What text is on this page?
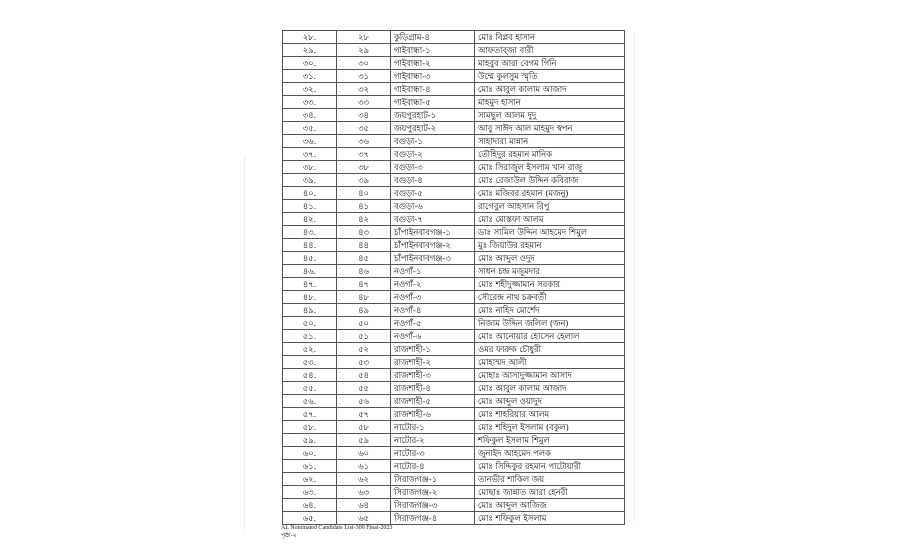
২৮.	২৮	কুড়িগ্রাম-৪	মোঃ বিপ্লব হাসান
২৯.	২৯	গাইবান্ধা-১	আফতাব্‌জা বারী
৩০.	৩০	গাইবান্ধা-২	মাহবুব আরা বেগম গিনি
৩১.	৩১	গাইবান্ধা-৩	উম্মে কুলসুম স্মৃতি
৩২.	৩২	গাইবান্ধা-৪	মোঃ আবুল কালাম আজাদ
৩৩.	৩৩	গাইবান্ধা-৫	মাহমুদ হাসান
৩৪.	৩৪	জয়পুরহাট-১	সামছুল আলম দুদু
৩৫.	৩৫	জয়পুরহাট-২	আবু সাঈদ আল মাহমুদ স্বপন
৩৬.	৩৬	বগুড়া-১	সাহাদারা মান্নান
৩৭.	৩৭	বগুড়া-২	তৌহিদুর রহমান মানিক
৩৮.	৩৮	বগুড়া-৩	মোঃ সিরাজুল ইসলাম খান রাজু
৩৯.	৩৯	বগুড়া-৪	মোঃ রেজাউল উদ্দিন কবিরাজ
৪০.	৪০	বগুড়া-৫	মোঃ মজিবর রহমান (মজনু)
৪১.	৪১	বগুড়া-৬	রাগেবুল আহসান রিপু
৪২.	৪২	বগুড়া-৭	মোঃ মোস্তফা আলম
৪৩.	৪৩	চাঁপাইনবাবগঞ্জ-১	ডাঃ সামিল উদ্দিন আহমেদ শিমুল
৪৪.	৪৪	চাঁপাইনবাবগঞ্জ-২	মুঃ জিয়াউর রহমান
৪৫.	৪৫	চাঁপাইনবাবগঞ্জ-৩	মোঃ আব্দুল ওদুদ
৪৬.	৪৬	নওগাঁ-১	সাধন চন্দ্র মজুমদার
৪৭.	৪৭	নওগাঁ-২	মোঃ শহীদুজ্জামান সরকার
৪৮.	৪৮	নওগাঁ-৩	সৌরেন্দ্র নাথ চক্রবর্তী
৪৯.	৪৯	নওগাঁ-৪	মোঃ নাহিদ মোর্শেদ
৫০.	৫০	নওগাঁ-৫	নিজাম উদ্দিন জলিল (জন)
৫১.	৫১	নওগাঁ-৬	মোঃ আনোয়ার হোসেন হেলাল
৫২.	৫২	রাজশাহী-১	ওমর ফারুক চৌধুরী
৫৩.	৫৩	রাজশাহী-২	মোহাম্মদ আলী
৫৪.	৫৪	রাজশাহী-৩	মোহাঃ আসাদুজ্জামান আসাদ
৫৫.	৫৫	রাজশাহী-৪	মোঃ আবুল কালাম আজাদ
৫৬.	৫৬	রাজশাহী-৫	মোঃ আব্দুল ওয়াদুদ
৫৭.	৫৭	রাজশাহী-৬	মোঃ শাহরিয়ার আলম
৫৮.	৫৮	নাটোর-১	মোঃ শহিদুল ইসলাম (বকুল)
৫৯.	৫৯	নাটোর-২	শফিকুল ইসলাম শিমুল
৬০.	৬০	নাটোর-৩	জুনাইদ আহমেদ পলক
৬১.	৬১	নাটোর-৪	মোঃ সিদ্দিকুর রহমান পাটোয়ারী
৬২.	৬২	সিরাজগঞ্জ-১	তানভীর শাকিল জয়
৬৩.	৬৩	সিরাজগঞ্জ-২	মোছাঃ জান্নাত আরা হেনরী
৬৪.	৬৪	সিরাজগঞ্জ-৩	মোঃ আব্দুল আজিজ
৬৫.	৬৫	সিরাজগঞ্জ-৪	মোঃ শফিকুল ইসলাম
AL Nominated Candidate List-300 Final-2023
পৃষ্ঠা-২
